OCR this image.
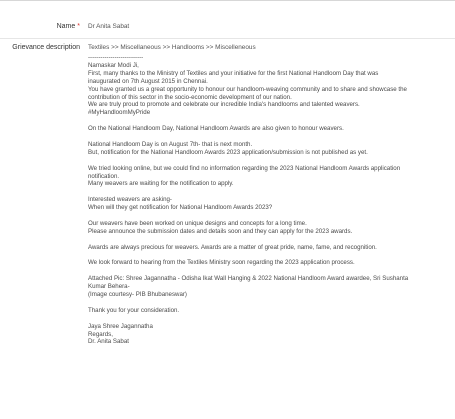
Name * Dr Anita Sabat
Grievance description Textiles >> Miscellaneous >> Handlooms >> Miscelleneous

---------------------------

Namaskar Modi Ji,

First, many thanks to the Ministry of Textiles and your initiative for the first National Handloom Day that was

inaugurated on 7th August 2015 in Chennai.

You have granted us a great opportunity to honour our handloom-weaving community and to share and showcase the

contribution of this sector in the socio-economic development of our nation.

We are truly proud to promote and celebrate our incredible India's handlooms and talented weavers.

#MyHandloomMyPride

On the National Handloom Day, National Handloom Awards are also given to honour weavers.

National Handloom Day is on August 7th- that is next month.

But, notification for the National Handloom Awards 2023 application/submission is not published as yet.

We tried looking online, but we could find no information regarding the 2023 National Handloom Awards application

notification.

Many weavers are waiting for the notification to apply.

Interested weavers are asking-

When will they get notification for National Handloom Awards 2023?

Our weavers have been worked on unique designs and concepts for a long time.

Please announce the submission dates and details soon and they can apply for the 2023 awards.

Awards are always precious for weavers. Awards are a matter of great pride, name, fame, and recognition.

We look forward to hearing from the Textiles Ministry soon regarding the 2023 application process.

Attached Pic: Shree Jagannatha - Odisha Ikat Wall Hanging & 2022 National Handloom Award awardee, Sri Sushanta

Kumar Behera-

(Image courtesy- PIB Bhubaneswar)

Thank you for your consideration.

Jaya Shree Jagannatha

Regards,

Dr. Anita Sabat
